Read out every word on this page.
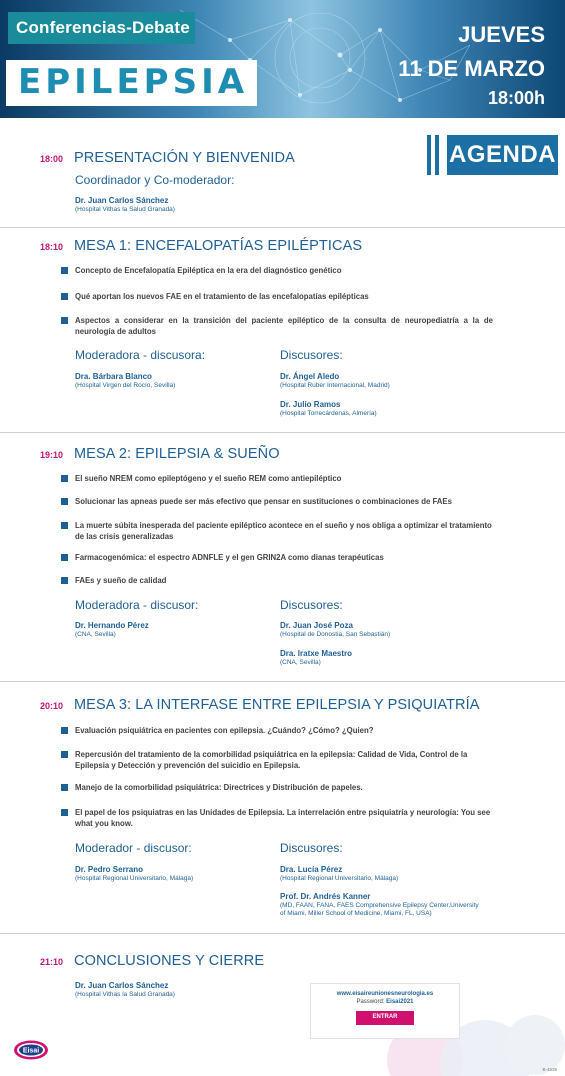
Conferencias-Debate
EPILEPSIA
JUEVES
11 DE MARZO
18:00h
AGENDA
18:00 PRESENTACIÓN Y BIENVENIDA
Coordinador y Co-moderador:
Dr. Juan Carlos Sánchez
(Hospital Vithas la Salud Granada)
18:10 MESA 1: ENCEFALOPATÍAS EPILÉPTICAS
Concepto de Encefalopatía Epiléptica en la era del diagnóstico genético
Qué aportan los nuevos FAE en el tratamiento de las encefalopatías epilépticas
Aspectos a considerar en la transición del paciente epiléptico de la consulta de neuropediatría a la de neurología de adultos
Moderadora - discusora:
Dra. Bárbara Blanco
(Hospital Virgen del Rocío, Sevilla)
Discusores:
Dr. Ángel Aledo
(Hospital Ruber Internacional, Madrid)
Dr. Julio Ramos
(Hospital Torrecárdenas, Almería)
19:10 MESA 2: EPILEPSIA & SUEÑO
El sueño NREM como epileptógeno y el sueño REM como antiepiléptico
Solucionar las apneas puede ser más efectivo que pensar en sustituciones o combinaciones de FAEs
La muerte súbita inesperada del paciente epiléptico acontece en el sueño y nos obliga a optimizar el tratamiento de las crisis generalizadas
Farmacogenómica: el espectro ADNFLE y el gen GRIN2A como dianas terapéuticas
FAEs y sueño de calidad
Moderadora - discusor:
Dr. Hernando Pérez
(CNA, Sevilla)
Discusores:
Dr. Juan José Poza
(Hospital de Donostia, San Sebastián)
Dra. Iratxe Maestro
(CNA, Sevilla)
20:10 MESA 3: LA INTERFASE ENTRE EPILEPSIA Y PSIQUIATRÍA
Evaluación psiquiátrica en pacientes con epilepsia. ¿Cuándo? ¿Cómo? ¿Quien?
Repercusión del tratamiento de la comorbilidad psiquiátrica en la epilepsia: Calidad de Vida, Control de la Epilepsia y Detección y prevención del suicidio en Epilepsia.
Manejo de la comorbilidad psiquiátrica: Directrices y Distribución de papeles.
El papel de los psiquiatras en las Unidades de Epilepsia. La interrelación entre psiquiatría y neurología: You see what you know.
Moderador - discusor:
Dr. Pedro Serrano
(Hospital Regional Universitario, Málaga)
Discusores:
Dra. Lucía Pérez
(Hospital Regional Universitario, Málaga)
Prof. Dr. Andrés Kanner
(MD, FAAN, FANA, FAES Comprehensive Epilepsy Center,University
of Miami, Miller School of Medicine, Miami, FL, USA)
21:10 CONCLUSIONES Y CIERRE
Dr. Juan Carlos Sánchez
(Hospital Vithas la Salud Granada)	www.eisaireunionesneurologia.es
Password: Eisai2021
ENTRAR
Eisai
B-4538
